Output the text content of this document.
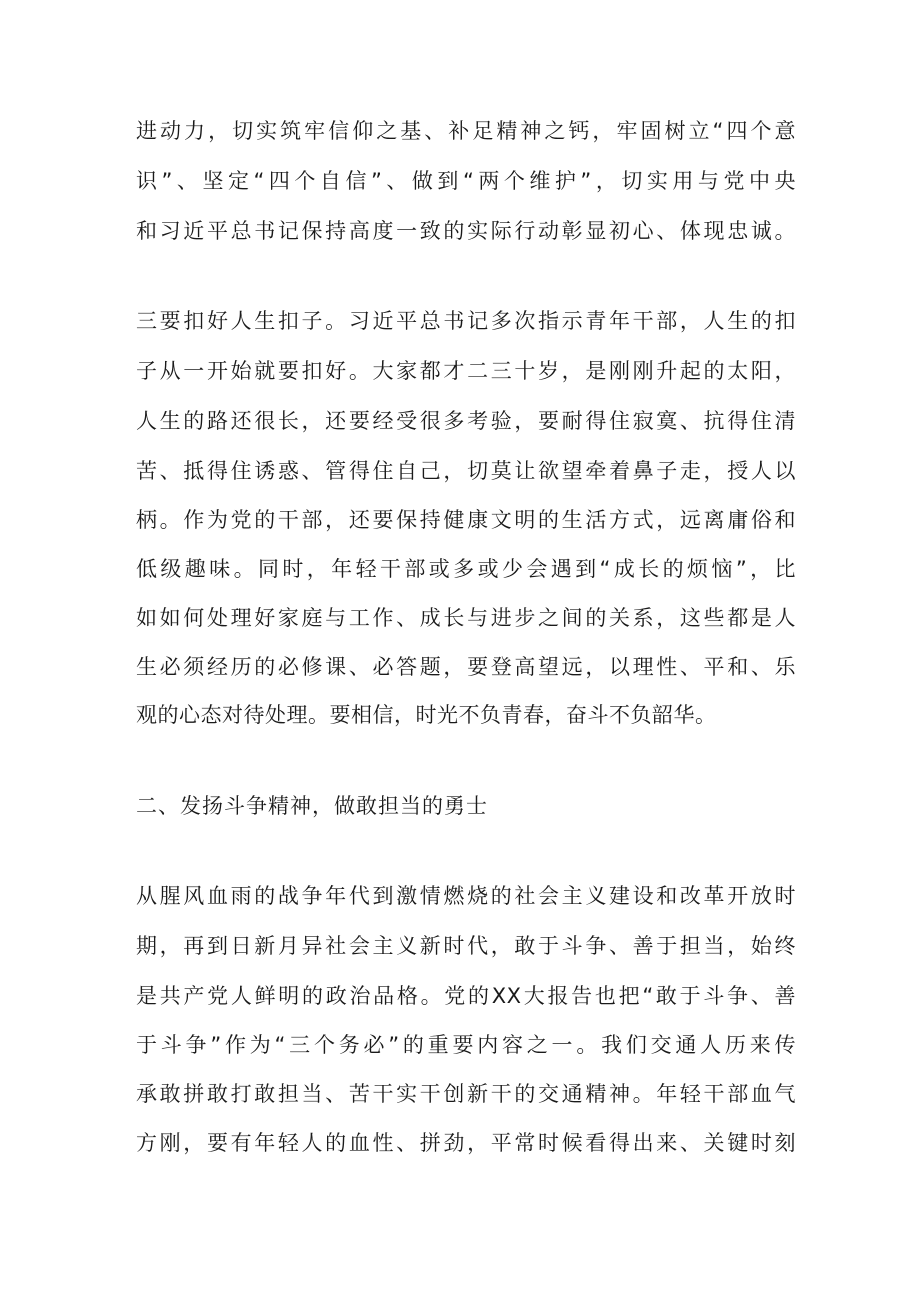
进动力，切实筑牢信仰之基、补足精神之钙，牢固树立“四个意
识”、坚定“四个自信”、做到“两个维护”，切实用与党中央
和习近平总书记保持高度一致的实际行动彰显初心、体现忠诚。
三要扣好人生扣子。习近平总书记多次指示青年干部，人生的扣
子从一开始就要扣好。大家都才二三十岁，是刚刚升起的太阳，
人生的路还很长，还要经受很多考验，要耐得住寂寞、抗得住清
苦、抵得住诱惑、管得住自己，切莫让欲望牵着鼻子走，授人以
柄。作为党的干部，还要保持健康文明的生活方式，远离庸俗和
低级趣味。同时，年轻干部或多或少会遇到“成长的烦恼”，比
如如何处理好家庭与工作、成长与进步之间的关系，这些都是人
生必须经历的必修课、必答题，要登高望远，以理性、平和、乐
观的心态对待处理。要相信，时光不负青春，奋斗不负韶华。
二、发扬斗争精神，做敢担当的勇士
从腥风血雨的战争年代到激情燃烧的社会主义建设和改革开放时
期，再到日新月异社会主义新时代，敢于斗争、善于担当，始终
是共产党人鲜明的政治品格。党的XX大报告也把“敢于斗争、善
于斗争”作为“三个务必”的重要内容之一。我们交通人历来传
承敢拼敢打敢担当、苦干实干创新干的交通精神。年轻干部血气
方刚，要有年轻人的血性、拼劲，平常时候看得出来、关键时刻
